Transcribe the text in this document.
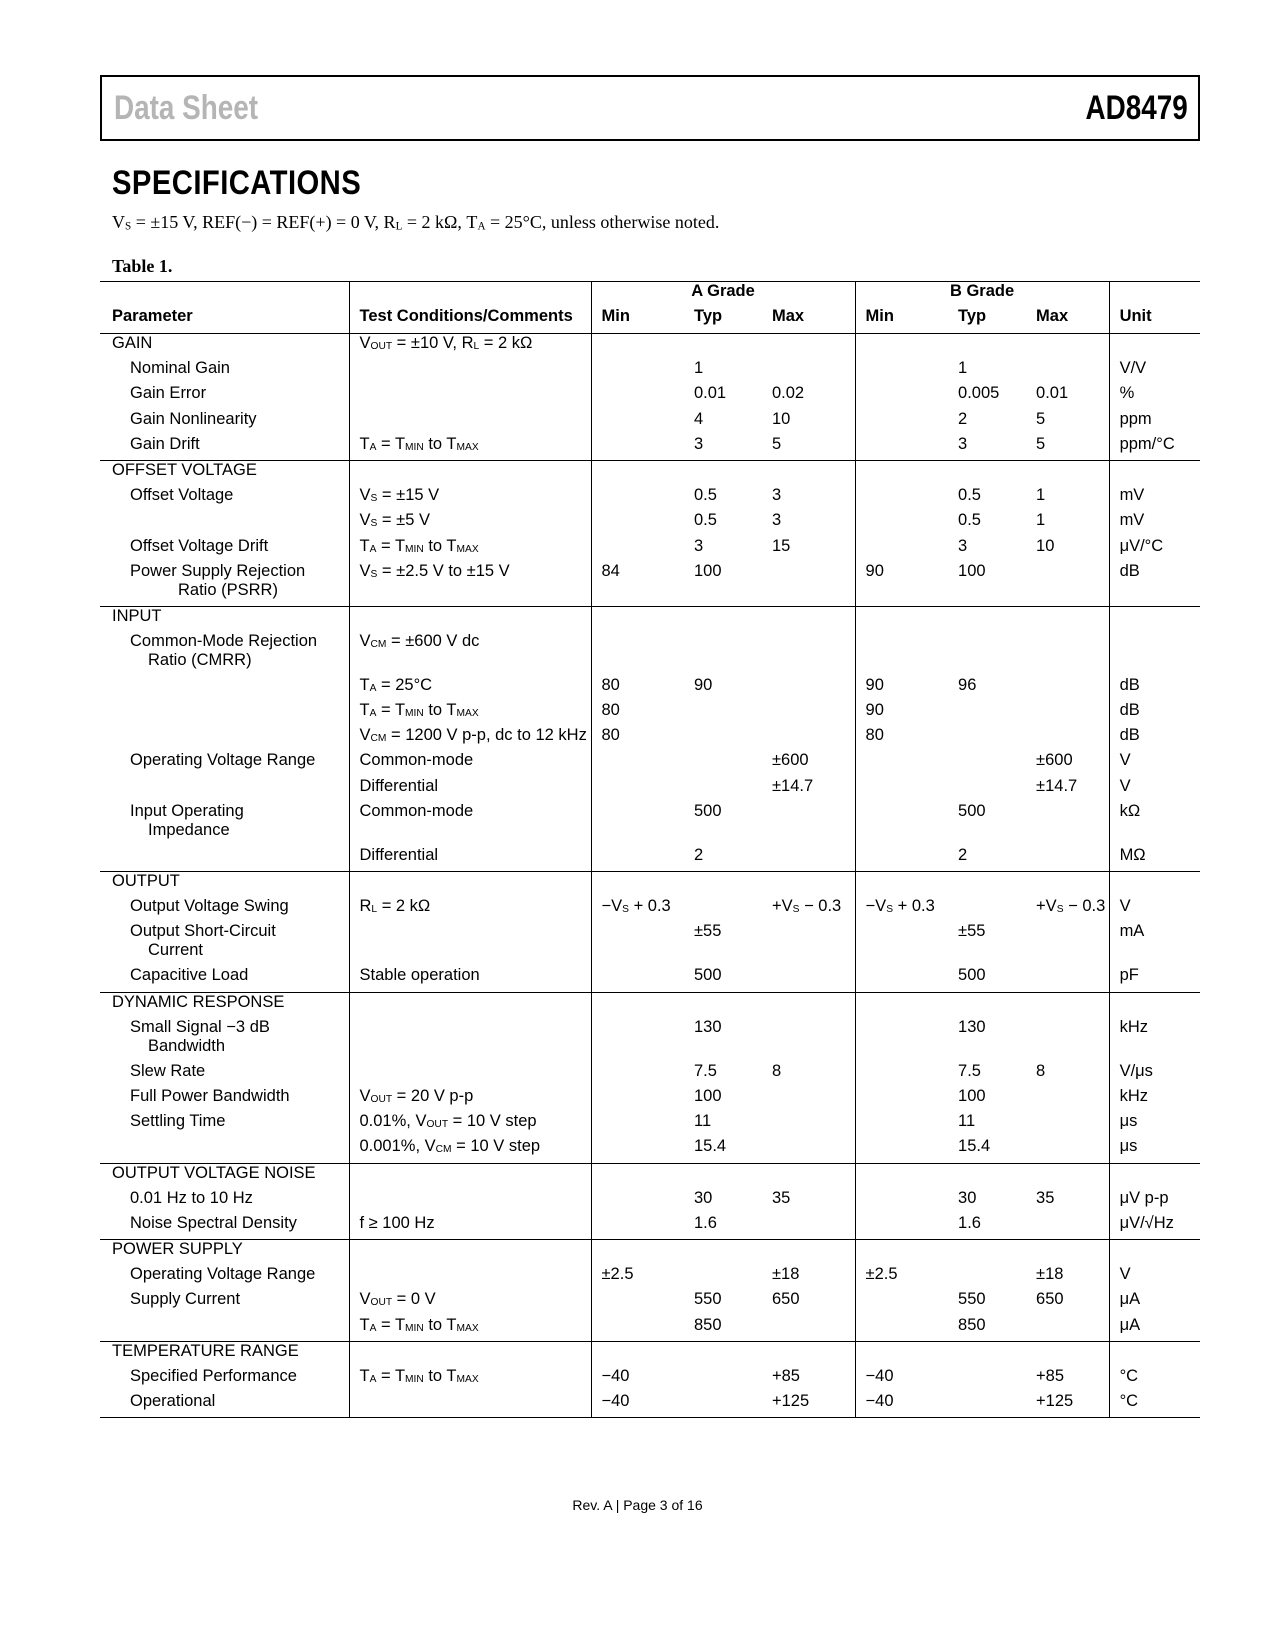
Data Sheet	AD8479
SPECIFICATIONS
$V_S = \pm 15$ V, REF(−) = REF(+) = 0 V, $R_L = 2$ kΩ, $T_A = 25^\circ C$, unless otherwise noted.
Table 1.
		A Grade			B Grade			
Parameter	Test Conditions/Comments	Min	Typ	Max	Min	Typ	Max	Unit
GAIN	$V_{OUT} = \pm 10$ V, $R_L = 2$ kΩ							
Nominal Gain			1			1		V/V
Gain Error			0.01	0.02		0.005	0.01	%
Gain Nonlinearity			4	10		2	5	ppm
Gain Drift	$T_A = T_{MIN}$ to $T_{MAX}$		3	5		3	5	ppm/°C
OFFSET VOLTAGE								
Offset Voltage	$V_S = \pm 15$ V		0.5	3		0.5	1	mV
	$V_S = \pm 5$ V		0.5	3		0.5	1	mV
Offset Voltage Drift	$T_A = T_{MIN}$ to $T_{MAX}$		3	15		3	10	μV/°C

Power Supply Rejection
Ratio (PSRR)	$V_S = \pm 2.5$ V to ±15 V	84	100		90	100		dB
INPUT								

Common-Mode Rejection
Ratio (CMRR)	$V_{CM} = \pm 600$ V dc							
	$T_A = 25^\circ C$	80	90		90	96		dB
	$T_A = T_{MIN}$ to $T_{MAX}$	80			90			dB
	$V_{CM} = 1200$ V p-p, dc to 12 kHz	80			80			dB
Operating Voltage Range	Common-mode			±600			±600	V
	Differential			±14.7			±14.7	V

Input Operating
Impedance	Common-mode		500			500		kΩ
	Differential		2			2		MΩ
OUTPUT								
Output Voltage Swing	$R_L = 2$ kΩ	$-V_S + 0.3$		$+V_S - 0.3$	$-V_S + 0.3$		$+V_S - 0.3$	V

Output Short-Circuit
Current			±55			±55		mA
Capacitive Load	Stable operation		500			500		pF
DYNAMIC RESPONSE								

Small Signal −3 dB
Bandwidth			130			130		kHz
Slew Rate			7.5	8		7.5	8	V/μs
Full Power Bandwidth	$V_{OUT} = 20$ V p-p		100			100		kHz
Settling Time	0.01%, $V_{OUT} = 10$ V step		11			11		μs
	0.001%, $V_{CM} = 10$ V step		15.4			15.4		μs
OUTPUT VOLTAGE NOISE								
0.01 Hz to 10 Hz			30	35		30	35	μV p-p
Noise Spectral Density	f ≥ 100 Hz		1.6			1.6		μV/√Hz
POWER SUPPLY								
Operating Voltage Range		±2.5		±18	±2.5		±18	V
Supply Current	$V_{OUT} = 0$ V		550	650		550	650	μA
	$T_A = T_{MIN}$ to $T_{MAX}$		850			850		μA
TEMPERATURE RANGE								
Specified Performance	$T_A = T_{MIN}$ to $T_{MAX}$	−40		+85	−40		+85	°C
Operational		−40		+125	−40		+125	°C
Rev. A | Page 3 of 16
